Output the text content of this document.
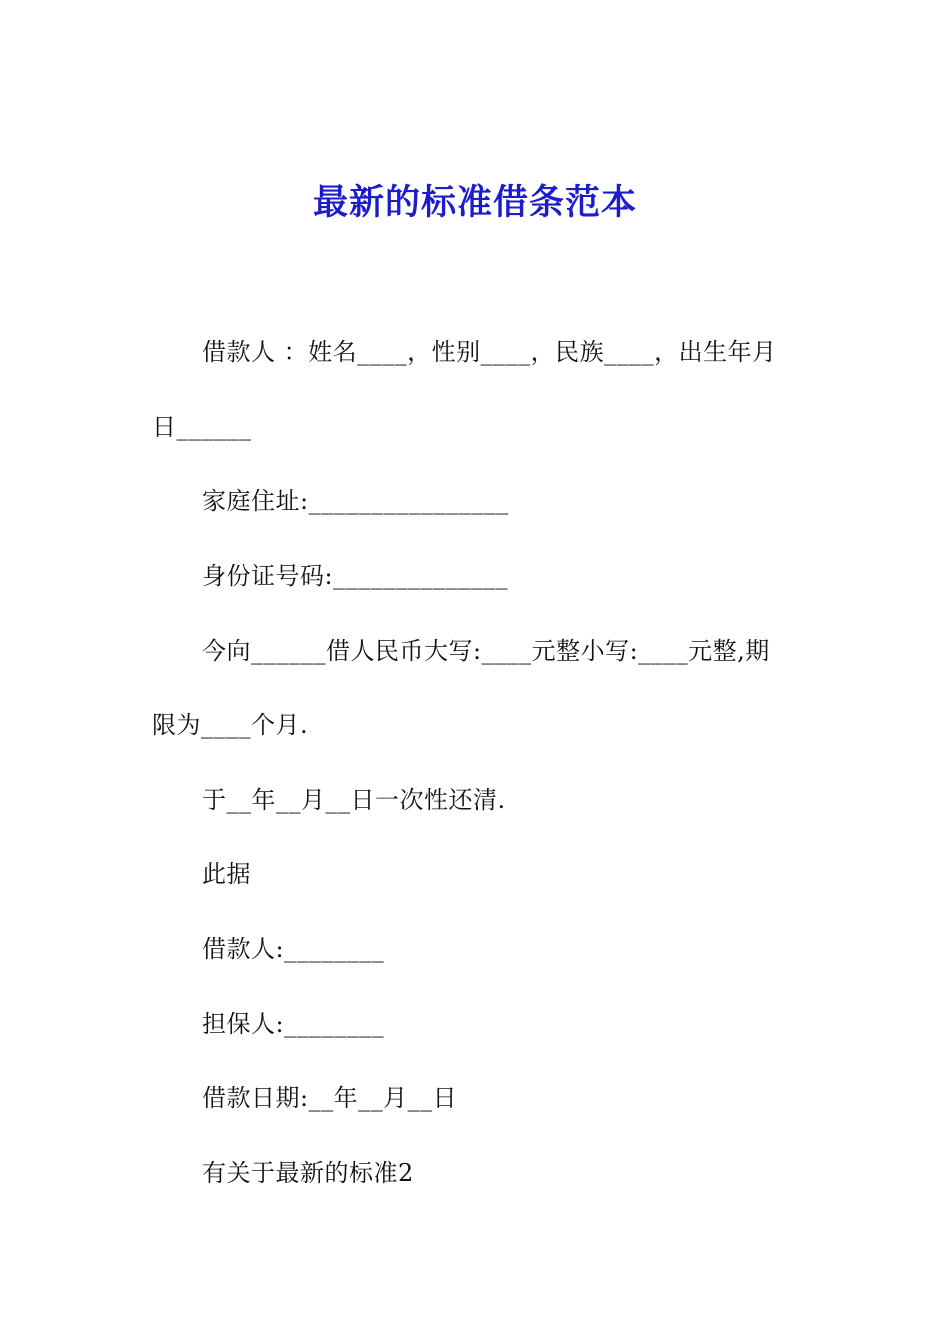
最新的标准借条范本
借款人 ：姓名____，性别____，民族____，出生年月
日______
家庭住址:________________
身份证号码:______________
今向______借人民币大写:____元整小写:____元整,期
限为____个月.
于__年__月__日一次性还清.
此据
借款人:________
担保人:________
借款日期:__年__月__日
有关于最新的标准2
